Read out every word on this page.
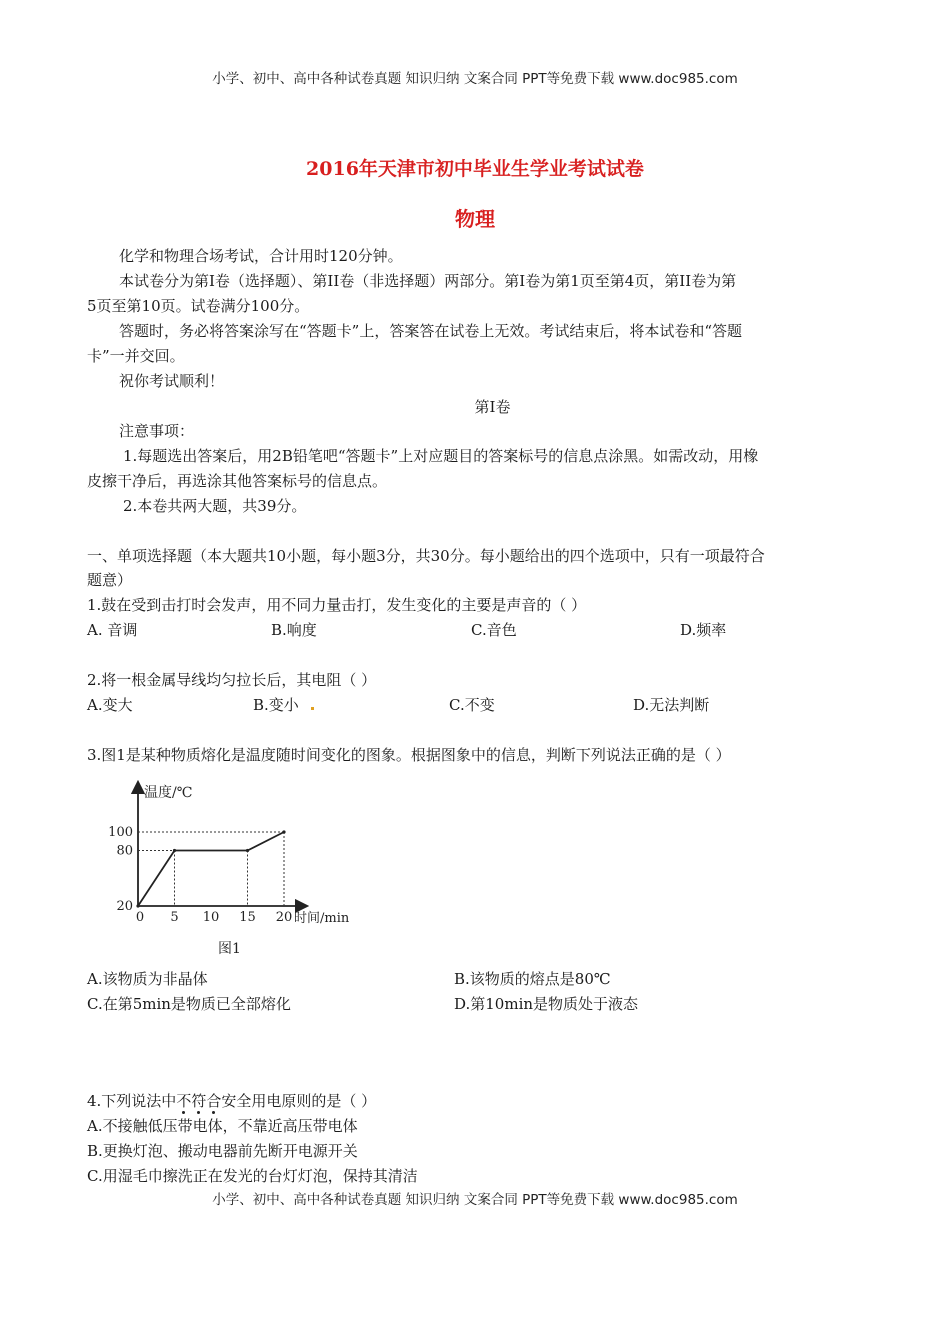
小学、初中、高中各种试卷真题 知识归纳 文案合同 PPT等免费下载 www.doc985.com
2016年天津市初中毕业生学业考试试卷
物理
化学和物理合场考试，合计用时120分钟。
本试卷分为第I卷（选择题）、第II卷（非选择题）两部分。第I卷为第1页至第4页，第II卷为第
5页至第10页。试卷满分100分。
答题时，务必将答案涂写在“答题卡”上，答案答在试卷上无效。考试结束后，将本试卷和“答题
卡”一并交回。
祝你考试顺利！
第I卷
注意事项：
1.每题选出答案后，用2B铅笔吧“答题卡”上对应题目的答案标号的信息点涂黑。如需改动，用橡
皮擦干净后，再选涂其他答案标号的信息点。
2.本卷共两大题，共39分。
一、单项选择题（本大题共10小题，每小题3分，共30分。每小题给出的四个选项中，只有一项最符合
题意）
1.鼓在受到击打时会发声，用不同力量击打，发生变化的主要是声音的（ ）
A. 音调	B.响度	C.音色	D.频率
2.将一根金属导线均匀拉长后，其电阻（ ）
A.变大	B.变小	C.不变	D.无法判断
3.图1是某种物质熔化是温度随时间变化的图象。根据图象中的信息，判断下列说法正确的是（ ）
0 5 10 15 20
20
80
100
温度/℃
时间/min
图1
A.该物质为非晶体	B.该物质的熔点是80℃
C.在第5min是物质已全部熔化	D.第10min是物质处于液态
4.下列说法中不符合安全用电原则的是（ ）
A.不接触低压带电体，不靠近高压带电体
B.更换灯泡、搬动电器前先断开电源开关
C.用湿毛巾擦洗正在发光的台灯灯泡，保持其清洁
小学、初中、高中各种试卷真题 知识归纳 文案合同 PPT等免费下载 www.doc985.com
